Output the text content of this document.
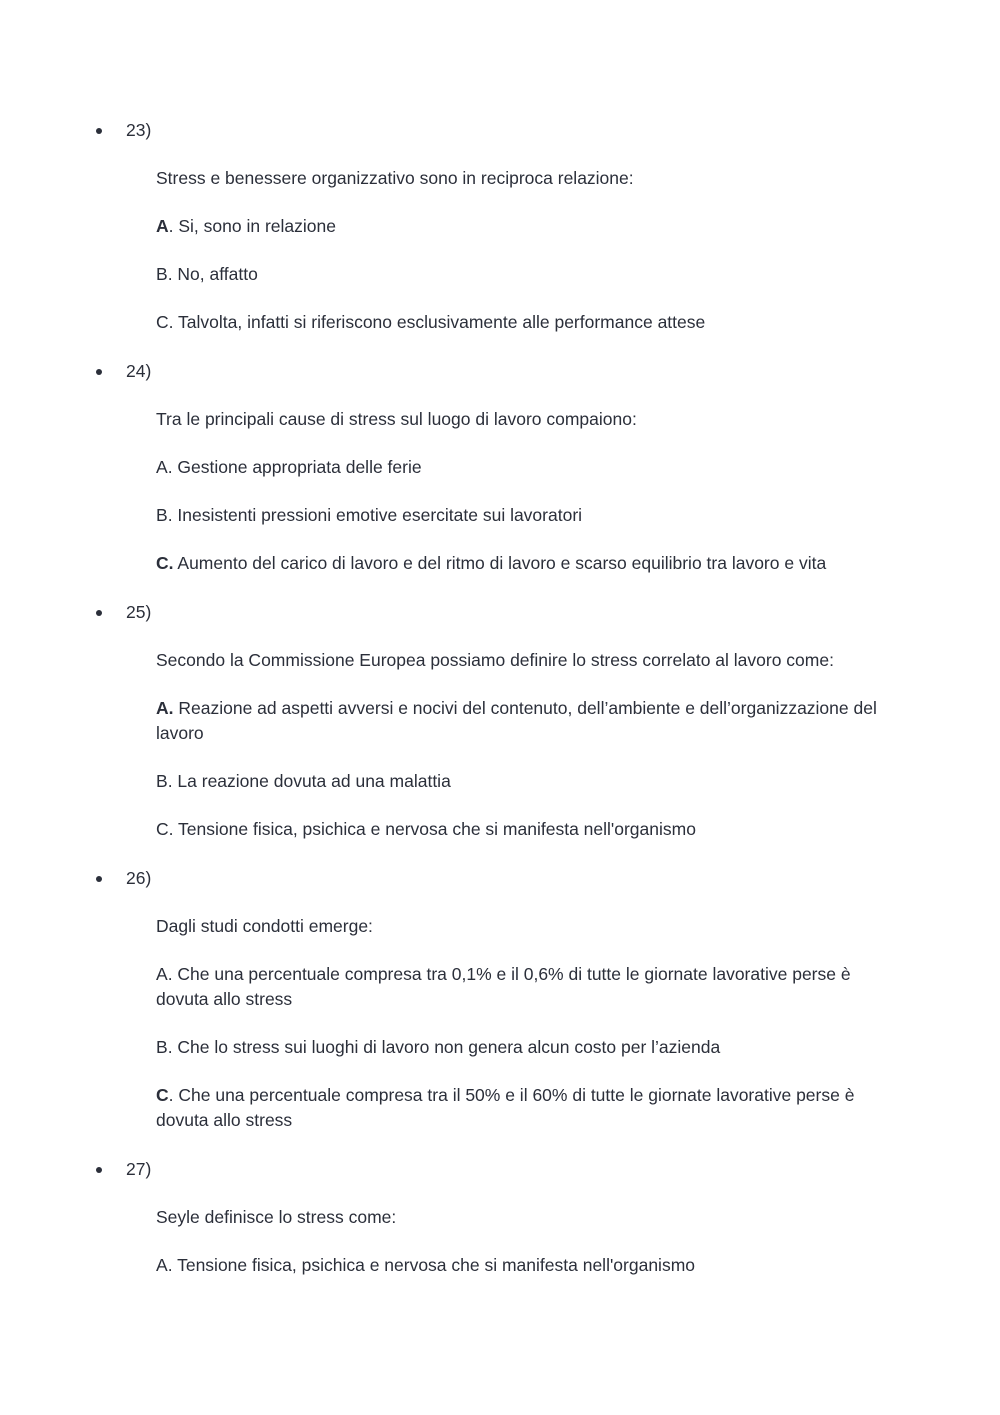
23)

Stress e benessere organizzativo sono in reciproca relazione:

A. Si, sono in relazione

B. No, affatto

C. Talvolta, infatti si riferiscono esclusivamente alle performance attese

24)

Tra le principali cause di stress sul luogo di lavoro compaiono:

A. Gestione appropriata delle ferie

B. Inesistenti pressioni emotive esercitate sui lavoratori

C. Aumento del carico di lavoro e del ritmo di lavoro e scarso equilibrio tra lavoro e vita

25)

Secondo la Commissione Europea possiamo definire lo stress correlato al lavoro come:

A. Reazione ad aspetti avversi e nocivi del contenuto, dell’ambiente e dell’organizzazione del lavoro

B. La reazione dovuta ad una malattia

C. Tensione fisica, psichica e nervosa che si manifesta nell'organismo

26)

Dagli studi condotti emerge:

A. Che una percentuale compresa tra 0,1% e il 0,6% di tutte le giornate lavorative perse è dovuta allo stress

B. Che lo stress sui luoghi di lavoro non genera alcun costo per l’azienda

C. Che una percentuale compresa tra il 50% e il 60% di tutte le giornate lavorative perse è dovuta allo stress

27)

Seyle definisce lo stress come:

A. Tensione fisica, psichica e nervosa che si manifesta nell'organismo
